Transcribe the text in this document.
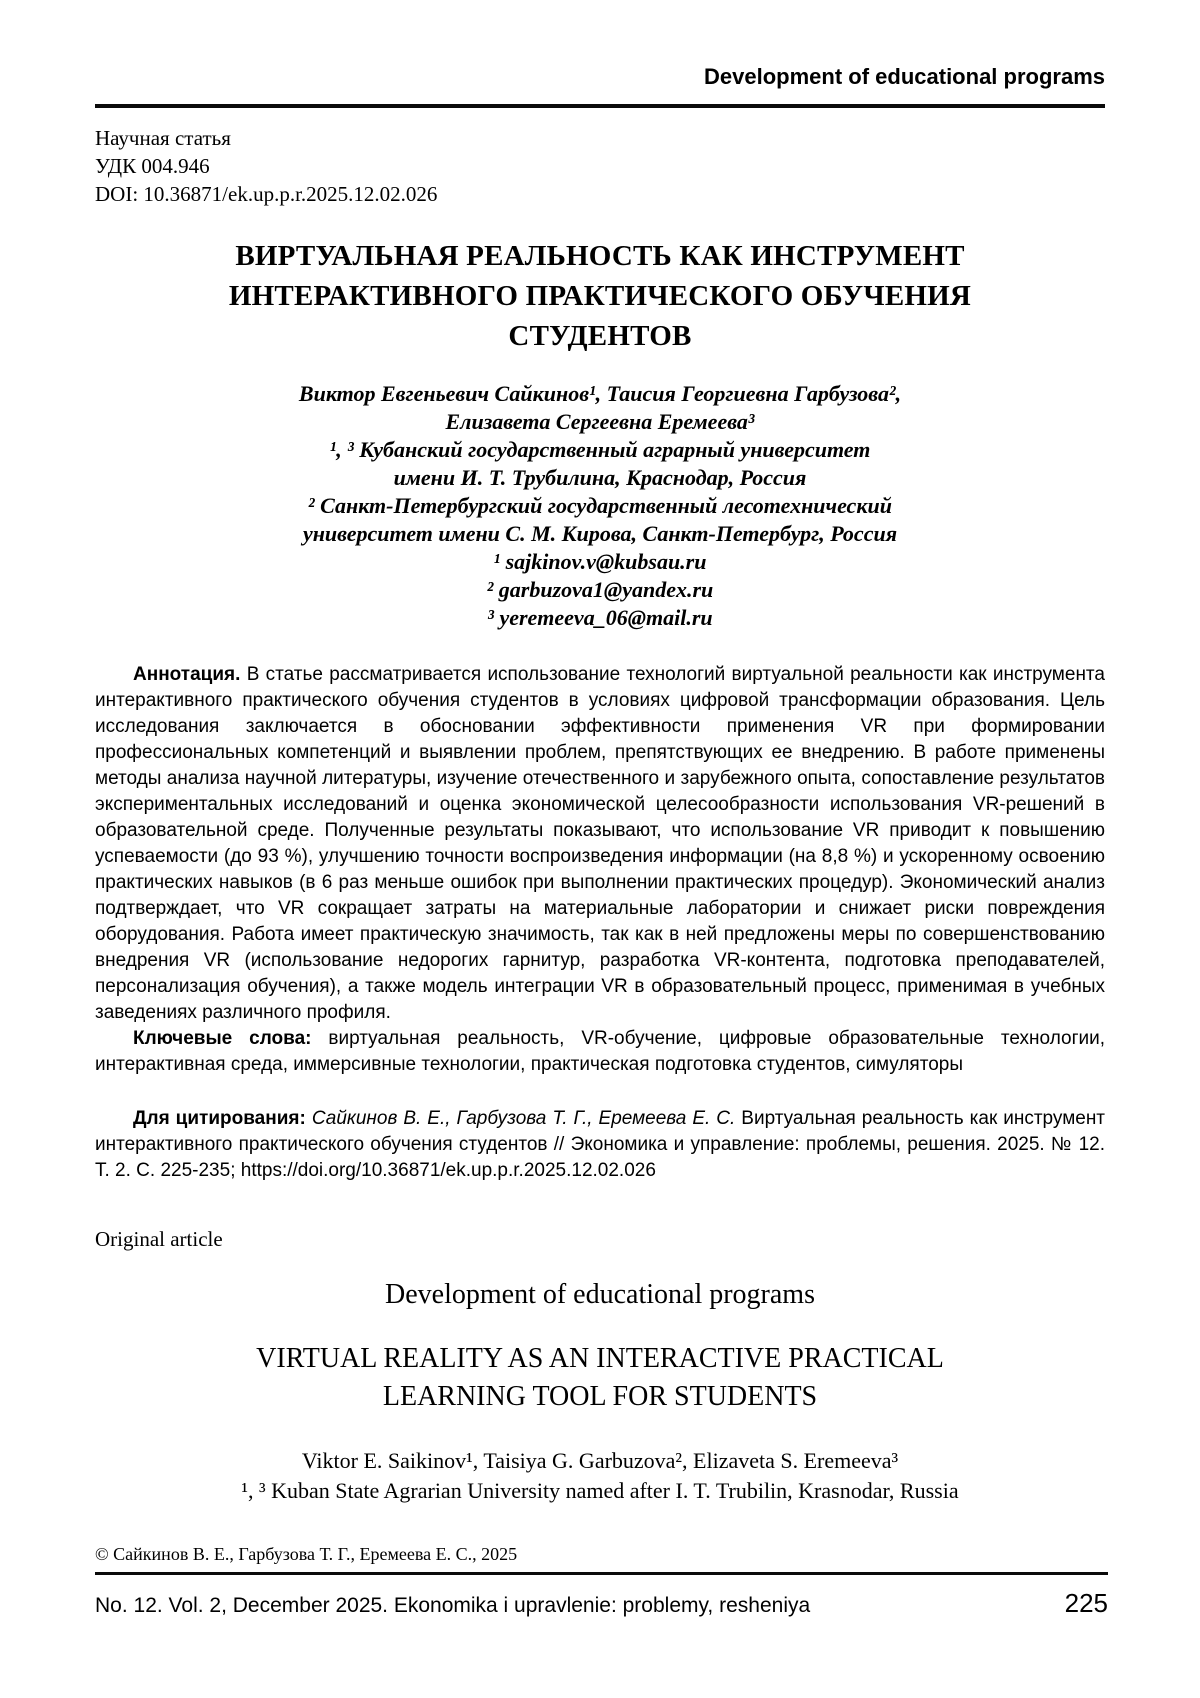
Development of educational programs
Научная статья
УДК 004.946
DOI: 10.36871/ek.up.p.r.2025.12.02.026
ВИРТУАЛЬНАЯ РЕАЛЬНОСТЬ КАК ИНСТРУМЕНТ
ИНТЕРАКТИВНОГО ПРАКТИЧЕСКОГО ОБУЧЕНИЯ
СТУДЕНТОВ
Виктор Евгеньевич Сайкинов¹, Таисия Георгиевна Гарбузова²,
Елизавета Сергеевна Еремеева³
¹, ³ Кубанский государственный аграрный университет
имени И. Т. Трубилина, Краснодар, Россия
² Санкт-Петербургский государственный лесотехнический
университет имени С. М. Кирова, Санкт-Петербург, Россия
¹ sajkinov.v@kubsau.ru
² garbuzova1@yandex.ru
³ yeremeeva_06@mail.ru

Аннотация. В статье рассматривается использование технологий виртуальной реальности как инструмента интерактивного практического обучения студентов в условиях цифровой трансформации образования. Цель исследования заключается в обосновании эффективности применения VR при формировании профессиональных компетенций и выявлении проблем, препятствующих ее внедрению. В работе применены методы анализа научной литературы, изучение отечественного и зарубежного опыта, сопоставление результатов экспериментальных исследований и оценка экономической целесообразности использования VR-решений в образовательной среде. Полученные результаты показывают, что использование VR приводит к повышению успеваемости (до 93 %), улучшению точности воспроизведения информации (на 8,8 %) и ускоренному освоению практических навыков (в 6 раз меньше ошибок при выполнении практических процедур). Экономический анализ подтверждает, что VR сокращает затраты на материальные лаборатории и снижает риски повреждения оборудования. Работа имеет практическую значимость, так как в ней предложены меры по совершенствованию внедрения VR (использование недорогих гарнитур, разработка VR-контента, подготовка преподавателей, персонализация обучения), а также модель интеграции VR в образовательный процесс, применимая в учебных заведениях различного профиля.

Ключевые слова: виртуальная реальность, VR-обучение, цифровые образовательные технологии, интерактивная среда, иммерсивные технологии, практическая подготовка студентов, симуляторы

Для цитирования: Сайкинов В. Е., Гарбузова Т. Г., Еремеева Е. С. Виртуальная реальность как инструмент интерактивного практического обучения студентов // Экономика и управление: проблемы, решения. 2025. № 12. Т. 2. С. 225-235; https://doi.org/10.36871/ek.up.p.r.2025.12.02.026

Original article
Development of educational programs
VIRTUAL REALITY AS AN INTERACTIVE PRACTICAL
LEARNING TOOL FOR STUDENTS
Viktor E. Saikinov¹, Taisiya G. Garbuzova², Elizaveta S. Eremeeva³
¹, ³ Kuban State Agrarian University named after I. T. Trubilin, Krasnodar, Russia
© Сайкинов В. Е., Гарбузова Т. Г., Еремеева Е. С., 2025
No. 12. Vol. 2, December 2025. Ekonomika i upravlenie: problemy, resheniya	225
